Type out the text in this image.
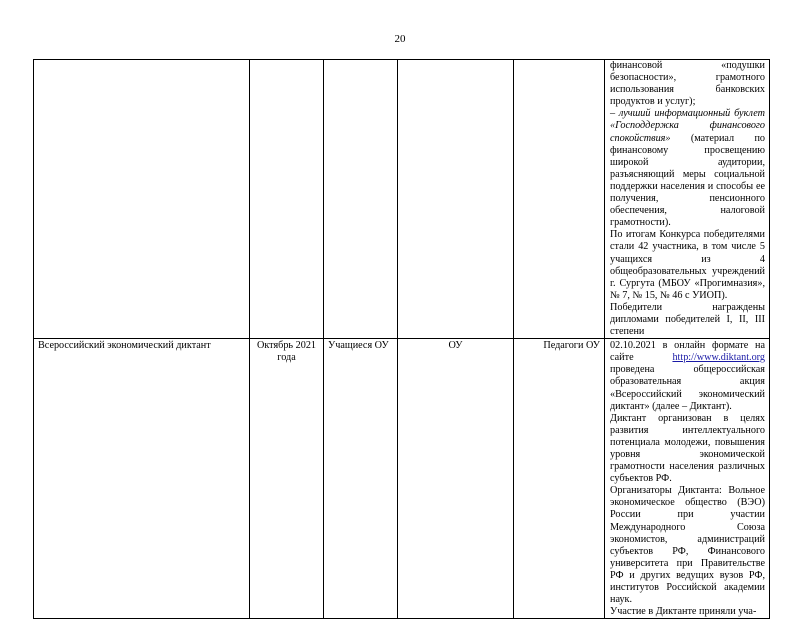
20

					финансовой «подушки безопасности», грамотного использования банковских продуктов и услуг);

– лучший информационный буклет «Господдержка финансового спокойствия» (материал по финансовому просвещению широкой аудитории, разъясняющий меры социальной поддержки населения и способы ее получения, пенсионного обеспечения, налоговой грамотности).

По итогам Конкурса победителями стали 42 участника, в том числе 5 учащихся из 4 общеобразовательных учреждений г. Сургута (МБОУ «Прогимназия», № 7, № 15, № 46 с УИОП).

Победители награждены дипломами победителей I, II, III степени

Всероссийский экономический диктант	Октябрь 2021 года	Учащиеся ОУ	ОУ	Педагоги ОУ	02.10.2021 в онлайн формате на сайте http://www.diktant.org проведена общероссийская образовательная акция «Всероссийский экономический диктант» (далее – Диктант).

Диктант организован в целях развития интеллектуального потенциала молодежи, повышения уровня экономической грамотности населения различных субъектов РФ.

Организаторы Диктанта: Вольное экономическое общество (ВЭО) России при участии Международного Союза экономистов, администраций субъектов РФ, Финансового университета при Правительстве РФ и других ведущих вузов РФ, институтов Российской академии наук.

Участие в Диктанте приняли уча-
